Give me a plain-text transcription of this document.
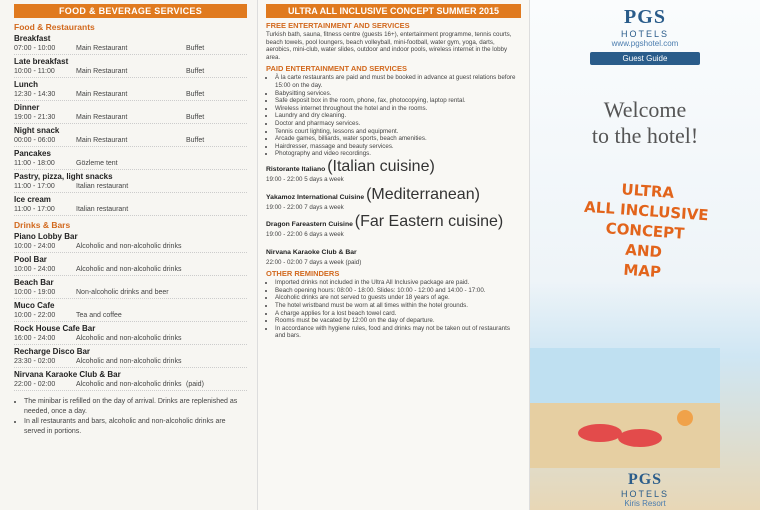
FOOD & BEVERAGE SERVICES
Food & Restaurants
Breakfast
07:00 - 10:00	Main Restaurant	Buffet
Late breakfast
10:00 - 11:00	Main Restaurant	Buffet
Lunch
12:30 - 14:30	Main Restaurant	Buffet
Dinner
19:00 - 21:30	Main Restaurant	Buffet
Night snack
00:00 - 06:00	Main Restaurant	Buffet
Pancakes
11:00 - 18:00	Gözleme tent
Pastry, pizza, light snacks
11:00 - 17:00	Italian restaurant
Ice cream
11:00 - 17:00	Italian restaurant
Drinks & Bars
Piano Lobby Bar
10:00 - 24:00	Alcoholic and non-alcoholic drinks
Pool Bar
10:00 - 24:00	Alcoholic and non-alcoholic drinks
Beach Bar
10:00 - 19:00	Non-alcoholic drinks and beer
Muco Cafe
10:00 - 22:00	Tea and coffee
Rock House Cafe Bar
16:00 - 24:00	Alcoholic and non-alcoholic drinks
Recharge Disco Bar
23:30 - 02:00	Alcoholic and non-alcoholic drinks
Nirvana Karaoke Club & Bar
22:00 - 02:00	Alcoholic and non-alcoholic drinks (paid)
• The minibar is refilled on the day of arrival. Drinks are replenished as needed, once a day.
• In all restaurants and bars, alcoholic and non-alcoholic drinks are served in portions.
ULTRA ALL INCLUSIVE CONCEPT SUMMER 2015
FREE ENTERTAINMENT AND SERVICES

Turkish bath, sauna, fitness centre (guests 16+), entertainment programme, tennis courts, beach towels, pool loungers, beach volleyball, mini-football, water gym, yoga, darts, aerobics, mini-club, water slides, outdoor and indoor pools, wireless internet in the lobby area.

PAID ENTERTAINMENT AND SERVICES
• À la carte restaurants are paid and must be booked in advance at guest relations before 15:00 on the day.
• Babysitting services.
• Safe deposit box in the room, phone, fax, photocopying, laptop rental.
• Wireless internet throughout the hotel and in the rooms.
• Laundry and dry cleaning.
• Doctor and pharmacy services.
• Tennis court lighting, lessons and equipment.
• Arcade games, billiards, water sports, beach amenities.
• Hairdresser, massage and beauty services.
• Photography and video recordings.
Ristorante Italiano (Italian cuisine)

19:00 - 22:00 5 days a week

Yakamoz International Cuisine (Mediterranean)

19:00 - 22:00 7 days a week

Dragon Fareastern Cuisine (Far Eastern cuisine)

19:00 - 22:00 6 days a week

Nirvana Karaoke Club & Bar

22:00 - 02:00 7 days a week (paid)

OTHER REMINDERS
• Imported drinks not included in the Ultra All Inclusive package are paid.
• Beach opening hours: 08:00 - 18:00. Slides: 10:00 - 12:00 and 14:00 - 17:00.
• Alcoholic drinks are not served to guests under 18 years of age.
• The hotel wristband must be worn at all times within the hotel grounds.
• A charge applies for a lost beach towel card.
• Rooms must be vacated by 12:00 on the day of departure.
• In accordance with hygiene rules, food and drinks may not be taken out of restaurants and bars.
PGS
HOTELS
www.pgshotel.com
Guest Guide
Welcome
to the hotel!
ULTRA
ALL INCLUSIVE
CONCEPT
AND
MAP
PGS
HOTELS
Kiris Resort
